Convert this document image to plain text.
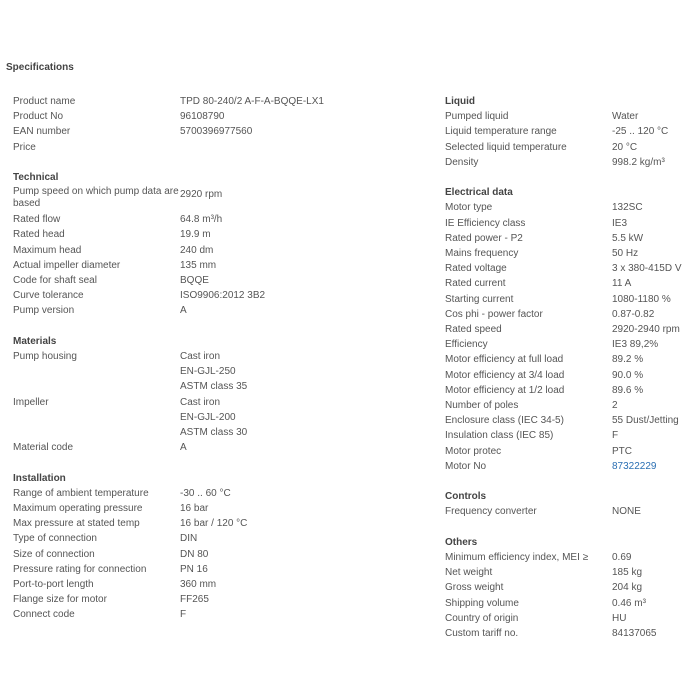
Specifications
Product name	TPD 80-240/2 A-F-A-BQQE-LX1
Product No	96108790
EAN number	5700396977560
Price
Technical
Pump speed on which pump data are based
2920 rpm
Rated flow	64.8 m³/h
Rated head	19.9 m
Maximum head	240 dm
Actual impeller diameter	135 mm
Code for shaft seal	BQQE
Curve tolerance	ISO9906:2012 3B2
Pump version	A
Materials
Pump housing	Cast iron
EN-GJL-250
ASTM class 35
Impeller	Cast iron
EN-GJL-200
ASTM class 30
Material code	A
Installation
Range of ambient temperature	-30 .. 60 °C
Maximum operating pressure	16 bar
Max pressure at stated temp	16 bar / 120 °C
Type of connection	DIN
Size of connection	DN 80
Pressure rating for connection	PN 16
Port-to-port length	360 mm
Flange size for motor	FF265
Connect code	F
Liquid
Pumped liquid	Water
Liquid temperature range	-25 .. 120 °C
Selected liquid temperature	20 °C
Density	998.2 kg/m³
Electrical data
Motor type	132SC
IE Efficiency class	IE3
Rated power - P2	5.5 kW
Mains frequency	50 Hz
Rated voltage	3 x 380-415D V
Rated current	11 A
Starting current	1080-1180 %
Cos phi - power factor	0.87-0.82
Rated speed	2920-2940 rpm
Efficiency	IE3 89,2%
Motor efficiency at full load	89.2 %
Motor efficiency at 3/4 load	90.0 %
Motor efficiency at 1/2 load	89.6 %
Number of poles	2
Enclosure class (IEC 34-5)	55 Dust/Jetting
Insulation class (IEC 85)	F
Motor protec	PTC
Motor No	87322229
Controls
Frequency converter	NONE
Others
Minimum efficiency index, MEI ≥	0.69
Net weight	185 kg
Gross weight	204 kg
Shipping volume	0.46 m³
Country of origin	HU
Custom tariff no.	84137065
